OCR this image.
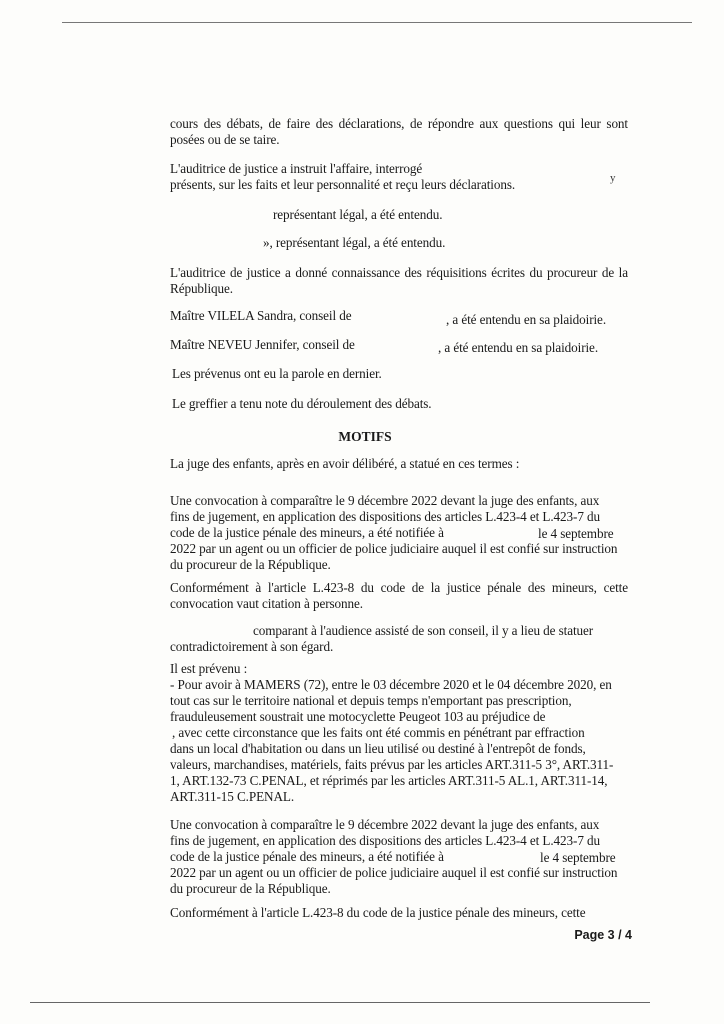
cours des débats, de faire des déclarations, de répondre aux questions qui leur sont posées ou de se taire.

L'auditrice de justice a instruit l'affaire, interrogé

présents, sur les faits et leur personnalité et reçu leurs déclarations.	y

représentant légal, a été entendu.

», représentant légal, a été entendu.

L'auditrice de justice a donné connaissance des réquisitions écrites du procureur de la République.

Maître VILELA Sandra, conseil de	, a été entendu en sa plaidoirie.

Maître NEVEU Jennifer, conseil de	, a été entendu en sa plaidoirie.

Les prévenus ont eu la parole en dernier.

Le greffier a tenu note du déroulement des débats.

MOTIFS

La juge des enfants, après en avoir délibéré, a statué en ces termes :

Une convocation à comparaître le 9 décembre 2022 devant la juge des enfants, aux

fins de jugement, en application des dispositions des articles L.423-4 et L.423-7 du

code de la justice pénale des mineurs, a été notifiée à	le 4 septembre

2022 par un agent ou un officier de police judiciaire auquel il est confié sur instruction

du procureur de la République.

Conformément à l'article L.423-8 du code de la justice pénale des mineurs, cette convocation vaut citation à personne.

comparant à l'audience assisté de son conseil, il y a lieu de statuer

contradictoirement à son égard.

Il est prévenu :

- Pour avoir à MAMERS (72), entre le 03 décembre 2020 et le 04 décembre 2020, en

tout cas sur le territoire national et depuis temps n'emportant pas prescription,

frauduleusement soustrait une motocyclette Peugeot 103 au préjudice de

, avec cette circonstance que les faits ont été commis en pénétrant par effraction

dans un local d'habitation ou dans un lieu utilisé ou destiné à l'entrepôt de fonds,

valeurs, marchandises, matériels, faits prévus par les articles ART.311-5 3°, ART.311-

1, ART.132-73 C.PENAL, et réprimés par les articles ART.311-5 AL.1, ART.311-14,

ART.311-15 C.PENAL.

Une convocation à comparaître le 9 décembre 2022 devant la juge des enfants, aux

fins de jugement, en application des dispositions des articles L.423-4 et L.423-7 du

code de la justice pénale des mineurs, a été notifiée à	le 4 septembre

2022 par un agent ou un officier de police judiciaire auquel il est confié sur instruction

du procureur de la République.

Conformément à l'article L.423-8 du code de la justice pénale des mineurs, cette

Page 3 / 4
